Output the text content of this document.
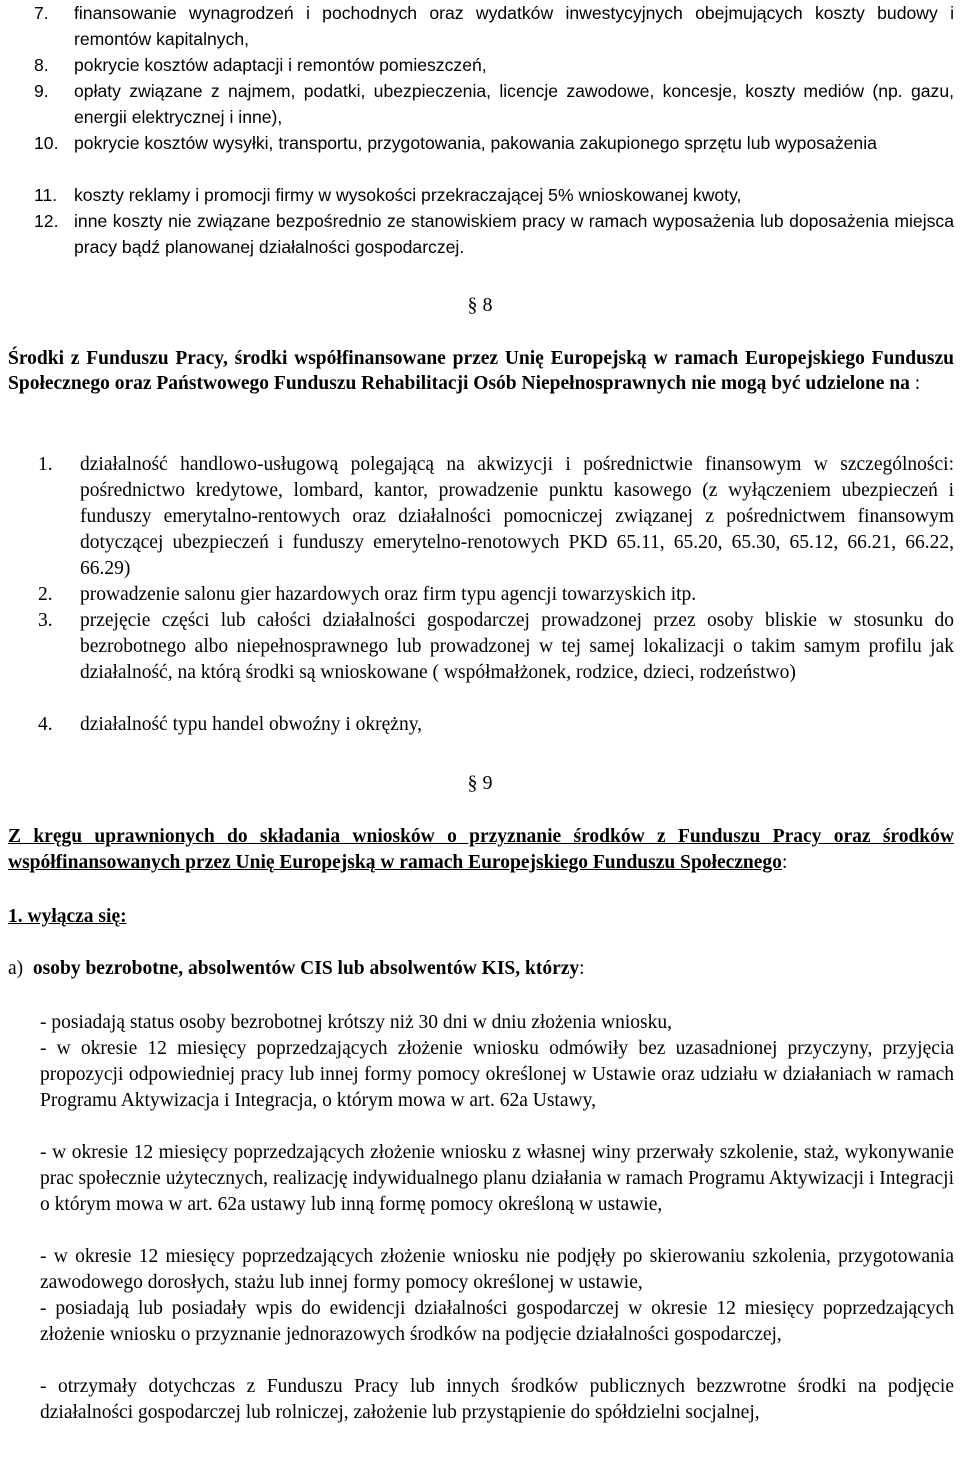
7.	finansowanie wynagrodzeń i pochodnych oraz wydatków inwestycyjnych obejmujących koszty budowy i remontów kapitalnych,
8.	pokrycie kosztów adaptacji i remontów pomieszczeń,
9.	opłaty związane z najmem, podatki, ubezpieczenia, licencje zawodowe, koncesje, koszty mediów (np. gazu, energii elektrycznej i inne),
10. pokrycie kosztów wysyłki, transportu, przygotowania, pakowania zakupionego sprzętu lub wyposażenia
11. koszty reklamy i promocji firmy w wysokości przekraczającej 5% wnioskowanej kwoty,
12. inne koszty nie związane bezpośrednio ze stanowiskiem pracy w ramach wyposażenia lub doposażenia miejsca pracy bądź planowanej działalności gospodarczej.
§ 8
Środki z Funduszu Pracy, środki współfinansowane przez Unię Europejską w ramach Europejskiego Funduszu Społecznego oraz Państwowego Funduszu Rehabilitacji Osób Niepełnosprawnych nie mogą być udzielone na :
1.	działalność handlowo-usługową polegającą na akwizycji i pośrednictwie finansowym w szczególności: pośrednictwo kredytowe, lombard, kantor, prowadzenie punktu kasowego (z wyłączeniem ubezpieczeń i funduszy emerytalno-rentowych oraz działalności pomocniczej związanej z pośrednictwem finansowym dotyczącej ubezpieczeń i funduszy emerytelno-renotowych PKD 65.11, 65.20, 65.30, 65.12, 66.21, 66.22, 66.29)
2.	prowadzenie salonu gier hazardowych oraz firm typu agencji towarzyskich itp.
3.	przejęcie części lub całości działalności gospodarczej prowadzonej przez osoby bliskie w stosunku do bezrobotnego albo niepełnosprawnego lub prowadzonej w tej samej lokalizacji o takim samym profilu jak działalność, na którą środki są wnioskowane ( współmałżonek, rodzice, dzieci, rodzeństwo)
4.	działalność typu handel obwoźny i okrężny,
§ 9
Z kręgu uprawnionych do składania wniosków o przyznanie środków z Funduszu Pracy oraz środków współfinansowanych przez Unię Europejską w ramach Europejskiego Funduszu Społecznego:
1. wyłącza się:
a) osoby bezrobotne, absolwentów CIS lub absolwentów KIS, którzy:
- posiadają status osoby bezrobotnej krótszy niż 30 dni w dniu złożenia wniosku,
- w okresie 12 miesięcy poprzedzających złożenie wniosku odmówiły bez uzasadnionej przyczyny, przyjęcia propozycji odpowiedniej pracy lub innej formy pomocy określonej w Ustawie oraz udziału w działaniach w ramach Programu Aktywizacja i Integracja, o którym mowa w art. 62a Ustawy,
- w okresie 12 miesięcy poprzedzających złożenie wniosku z własnej winy przerwały szkolenie, staż, wykonywanie prac społecznie użytecznych, realizację indywidualnego planu działania w ramach Programu Aktywizacji i Integracji o którym mowa w art. 62a ustawy lub inną formę pomocy określoną w ustawie,
- w okresie 12 miesięcy poprzedzających złożenie wniosku nie podjęły po skierowaniu szkolenia, przygotowania zawodowego dorosłych, stażu lub innej formy pomocy określonej w ustawie,
- posiadają lub posiadały wpis do ewidencji działalności gospodarczej w okresie 12 miesięcy poprzedzających złożenie wniosku o przyznanie jednorazowych środków na podjęcie działalności gospodarczej,
- otrzymały dotychczas z Funduszu Pracy lub innych środków publicznych bezzwrotne środki na podjęcie działalności gospodarczej lub rolniczej, założenie lub przystąpienie do spółdzielni socjalnej,
